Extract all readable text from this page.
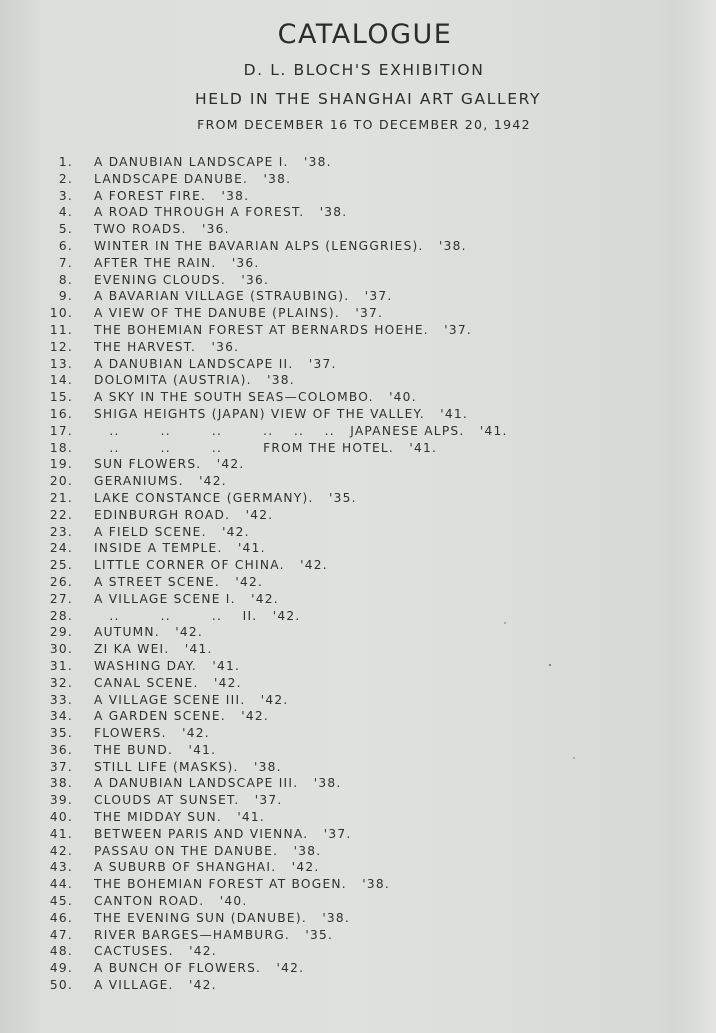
CATALOGUE
D. L. BLOCH'S EXHIBITION
HELD IN THE SHANGHAI ART GALLERY
FROM DECEMBER 16 TO DECEMBER 20, 1942
1. A DANUBIAN LANDSCAPE I.   '38.
2. LANDSCAPE DANUBE.   '38.
3. A FOREST FIRE.   '38.
4. A ROAD THROUGH A FOREST.   '38.
5. TWO ROADS.   '36.
6. WINTER IN THE BAVARIAN ALPS (LENGGRIES).   '38.
7. AFTER THE RAIN.   '36.
8. EVENING CLOUDS.   '36.
9. A BAVARIAN VILLAGE (STRAUBING).   '37.
10. A VIEW OF THE DANUBE (PLAINS).   '37.
11. THE BOHEMIAN FOREST AT BERNARDS HOEHE.   '37.
12. THE HARVEST.   '36.
13. A DANUBIAN LANDSCAPE II.   '37.
14. DOLOMITA (AUSTRIA).   '38.
15. A SKY IN THE SOUTH SEAS—COLOMBO.   '40.
16. SHIGA HEIGHTS (JAPAN) VIEW OF THE VALLEY.   '41.
17.   ..        ..        ..        ..    ..    ..   JAPANESE ALPS.   '41.
18.   ..        ..        ..        FROM THE HOTEL.   '41.
19. SUN FLOWERS.   '42.
20. GERANIUMS.   '42.
21. LAKE CONSTANCE (GERMANY).   '35.
22. EDINBURGH ROAD.   '42.
23. A FIELD SCENE.   '42.
24. INSIDE A TEMPLE.   '41.
25. LITTLE CORNER OF CHINA.   '42.
26. A STREET SCENE.   '42.
27. A VILLAGE SCENE I.   '42.
28.   ..        ..        ..    II.   '42.
29. AUTUMN.   '42.
30. ZI KA WEI.   '41.
31. WASHING DAY.   '41.
32. CANAL SCENE.   '42.
33. A VILLAGE SCENE III.   '42.
34. A GARDEN SCENE.   '42.
35. FLOWERS.   '42.
36. THE BUND.   '41.
37. STILL LIFE (MASKS).   '38.
38. A DANUBIAN LANDSCAPE III.   '38.
39. CLOUDS AT SUNSET.   '37.
40. THE MIDDAY SUN.   '41.
41. BETWEEN PARIS AND VIENNA.   '37.
42. PASSAU ON THE DANUBE.   '38.
43. A SUBURB OF SHANGHAI.   '42.
44. THE BOHEMIAN FOREST AT BOGEN.   '38.
45. CANTON ROAD.   '40.
46. THE EVENING SUN (DANUBE).   '38.
47. RIVER BARGES—HAMBURG.   '35.
48. CACTUSES.   '42.
49. A BUNCH OF FLOWERS.   '42.
50. A VILLAGE.   '42.
